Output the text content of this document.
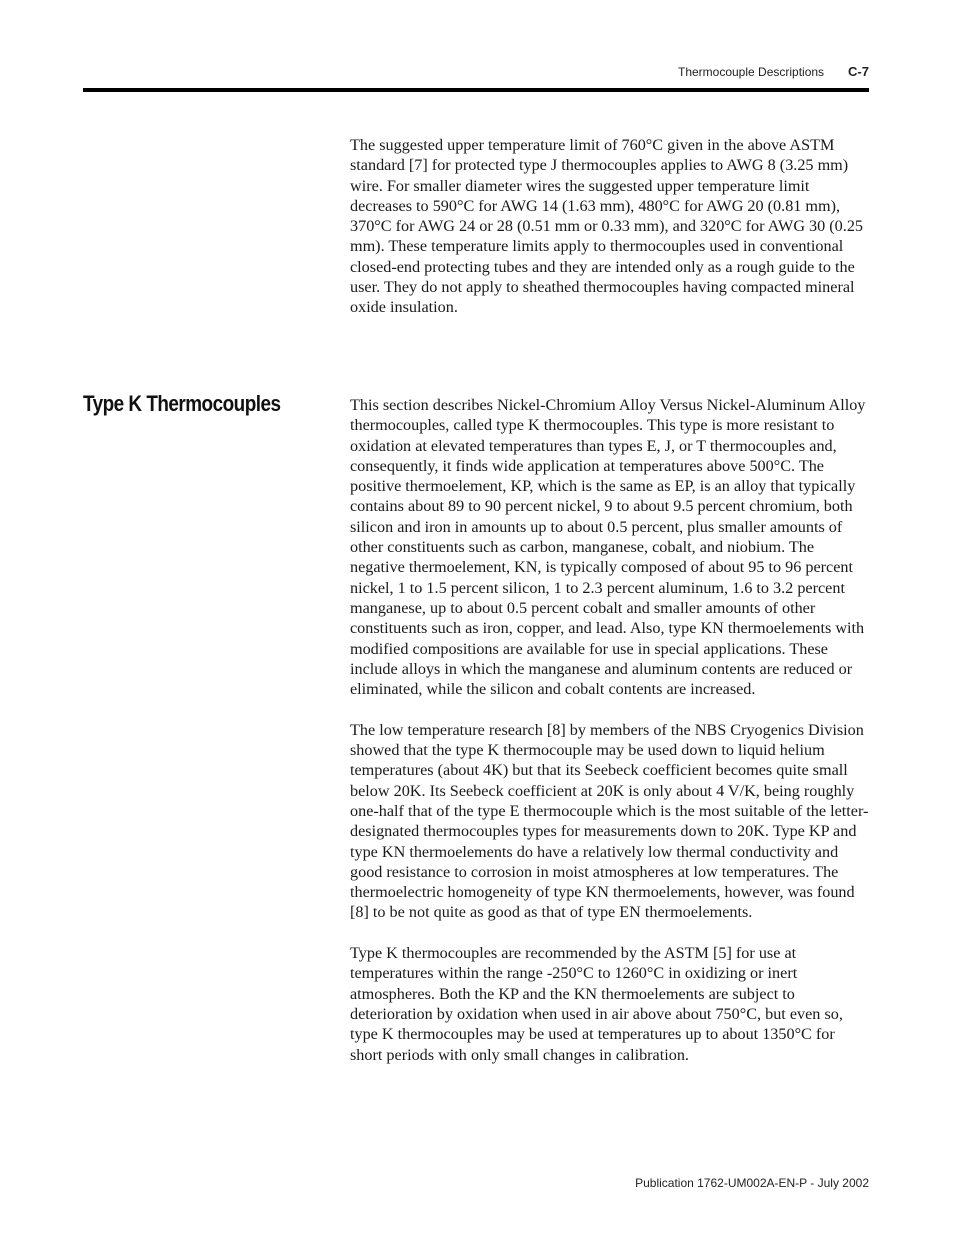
Thermocouple Descriptions C-7

The suggested upper temperature limit of 760°C given in the above ASTM standard [7] for protected type J thermocouples applies to AWG 8 (3.25 mm) wire. For smaller diameter wires the suggested upper temperature limit decreases to 590°C for AWG 14 (1.63 mm), 480°C for AWG 20 (0.81 mm), 370°C for AWG 24 or 28 (0.51 mm or 0.33 mm), and 320°C for AWG 30 (0.25 mm). These temperature limits apply to thermocouples used in conventional closed-end protecting tubes and they are intended only as a rough guide to the user. They do not apply to sheathed thermocouples having compacted mineral oxide insulation.

Type K Thermocouples	This section describes Nickel-Chromium Alloy Versus Nickel-Aluminum Alloy thermocouples, called type K thermocouples. This type is more resistant to oxidation at elevated temperatures than types E, J, or T thermocouples and, consequently, it finds wide application at temperatures above 500°C. The positive thermoelement, KP, which is the same as EP, is an alloy that typically contains about 89 to 90 percent nickel, 9 to about 9.5 percent chromium, both silicon and iron in amounts up to about 0.5 percent, plus smaller amounts of other constituents such as carbon, manganese, cobalt, and niobium. The negative thermoelement, KN, is typically composed of about 95 to 96 percent nickel, 1 to 1.5 percent silicon, 1 to 2.3 percent aluminum, 1.6 to 3.2 percent manganese, up to about 0.5 percent cobalt and smaller amounts of other constituents such as iron, copper, and lead. Also, type KN thermoelements with modified compositions are available for use in special applications. These include alloys in which the manganese and aluminum contents are reduced or eliminated, while the silicon and cobalt contents are increased.

The low temperature research [8] by members of the NBS Cryogenics Division showed that the type K thermocouple may be used down to liquid helium temperatures (about 4K) but that its Seebeck coefficient becomes quite small below 20K. Its Seebeck coefficient at 20K is only about 4 V/K, being roughly one-half that of the type E thermocouple which is the most suitable of the letter-designated thermocouples types for measurements down to 20K. Type KP and type KN thermoelements do have a relatively low thermal conductivity and good resistance to corrosion in moist atmospheres at low temperatures. The thermoelectric homogeneity of type KN thermoelements, however, was found [8] to be not quite as good as that of type EN thermoelements.

Type K thermocouples are recommended by the ASTM [5] for use at temperatures within the range -250°C to 1260°C in oxidizing or inert atmospheres. Both the KP and the KN thermoelements are subject to deterioration by oxidation when used in air above about 750°C, but even so, type K thermocouples may be used at temperatures up to about 1350°C for short periods with only small changes in calibration.

Publication 1762-UM002A-EN-P - July 2002
